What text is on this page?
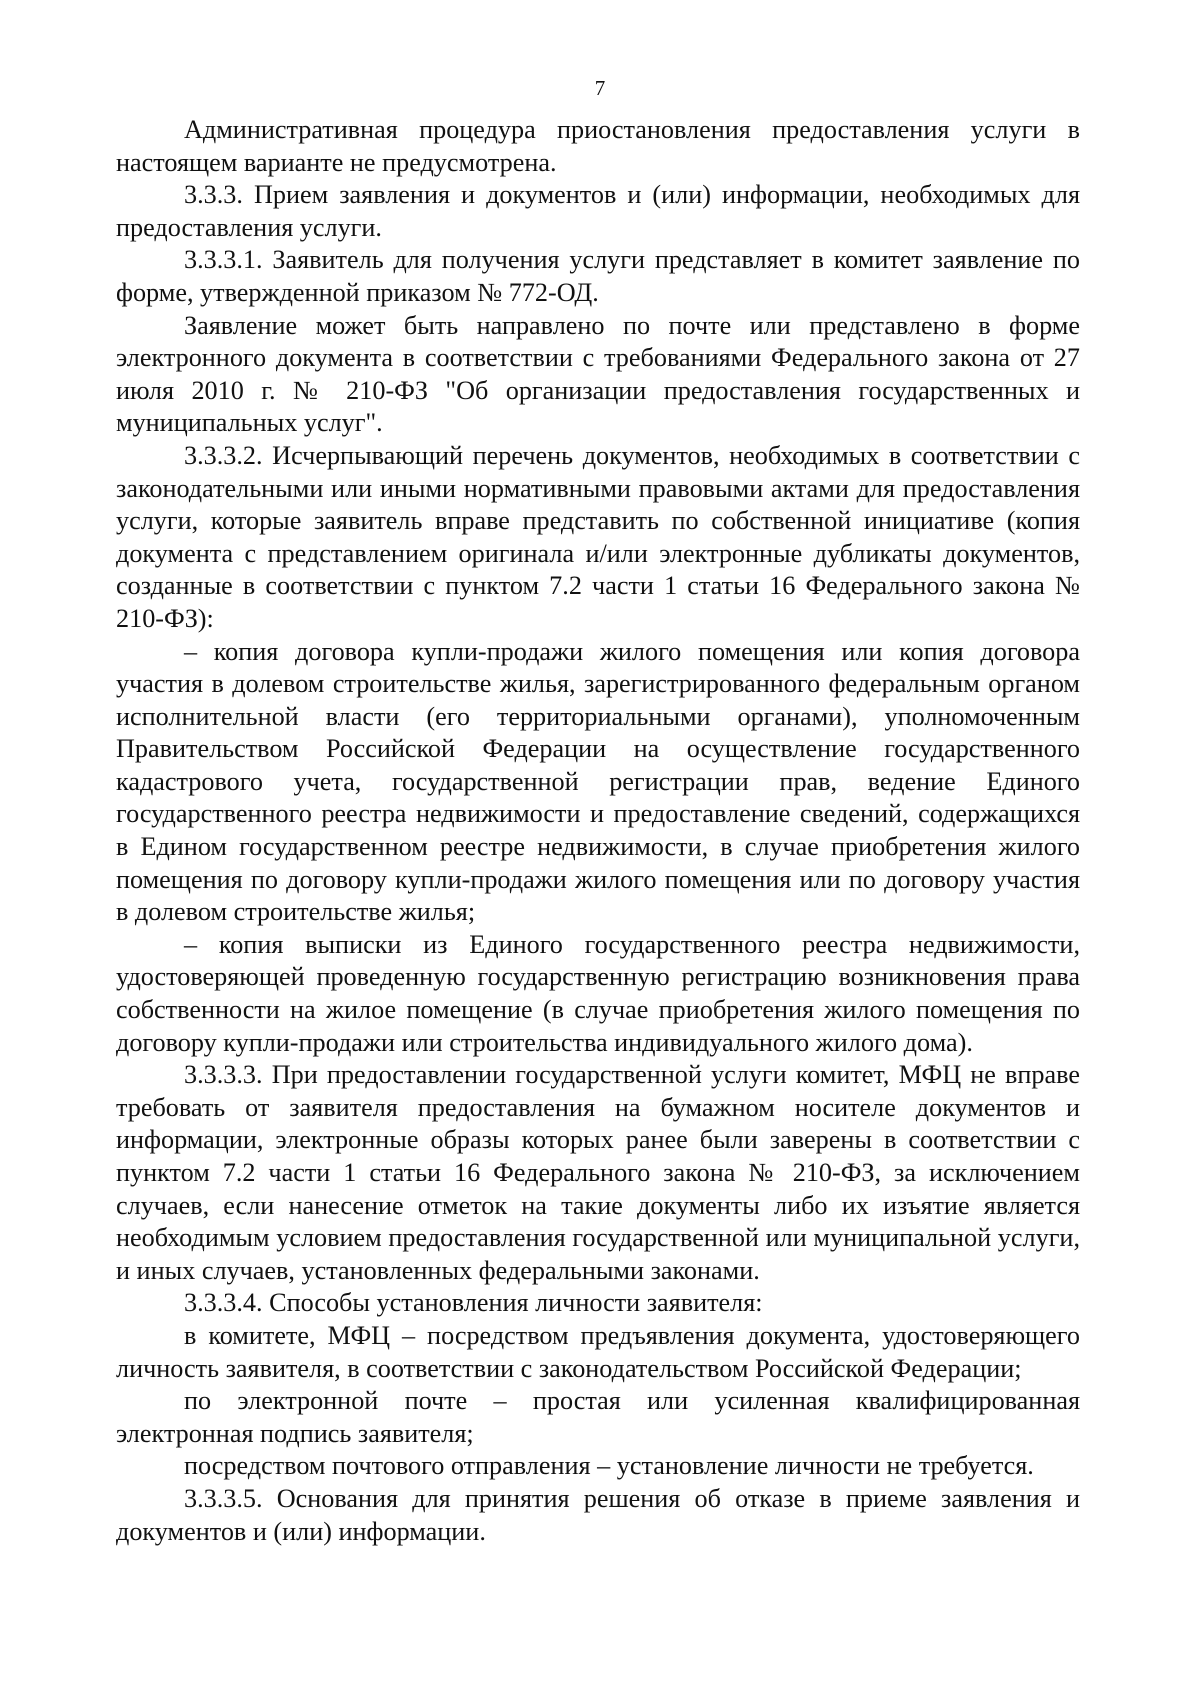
7

Административная процедура приостановления предоставления услуги в настоящем варианте не предусмотрена.

3.3.3. Прием заявления и документов и (или) информации, необходимых для предоставления услуги.

3.3.3.1. Заявитель для получения услуги представляет в комитет заявление по форме, утвержденной приказом № 772-ОД.

Заявление может быть направлено по почте или представлено в форме электронного документа в соответствии с требованиями Федерального закона от 27 июля 2010 г. № 210-ФЗ "Об организации предоставления государственных и муниципальных услуг".

3.3.3.2. Исчерпывающий перечень документов, необходимых в соответствии с законодательными или иными нормативными правовыми актами для предоставления услуги, которые заявитель вправе представить по собственной инициативе (копия документа с представлением оригинала и/или электронные дубликаты документов, созданные в соответствии с пунктом 7.2 части 1 статьи 16 Федерального закона № 210-ФЗ):

– копия договора купли-продажи жилого помещения или копия договора участия в долевом строительстве жилья, зарегистрированного федеральным органом исполнительной власти (его территориальными органами), уполномоченным Правительством Российской Федерации на осуществление государственного кадастрового учета, государственной регистрации прав, ведение Единого государственного реестра недвижимости и предоставление сведений, содержащихся в Едином государственном реестре недвижимости, в случае приобретения жилого помещения по договору купли-продажи жилого помещения или по договору участия в долевом строительстве жилья;

– копия выписки из Единого государственного реестра недвижимости, удостоверяющей проведенную государственную регистрацию возникновения права собственности на жилое помещение (в случае приобретения жилого помещения по договору купли-продажи или строительства индивидуального жилого дома).

3.3.3.3. При предоставлении государственной услуги комитет, МФЦ не вправе требовать от заявителя предоставления на бумажном носителе документов и информации, электронные образы которых ранее были заверены в соответствии с пунктом 7.2 части 1 статьи 16 Федерального закона № 210-ФЗ, за исключением случаев, если нанесение отметок на такие документы либо их изъятие является необходимым условием предоставления государственной или муниципальной услуги, и иных случаев, установленных федеральными законами.

3.3.3.4. Способы установления личности заявителя:

в комитете, МФЦ – посредством предъявления документа, удостоверяющего личность заявителя, в соответствии с законодательством Российской Федерации;

по электронной почте – простая или усиленная квалифицированная электронная подпись заявителя;

посредством почтового отправления – установление личности не требуется.

3.3.3.5. Основания для принятия решения об отказе в приеме заявления и документов и (или) информации.
